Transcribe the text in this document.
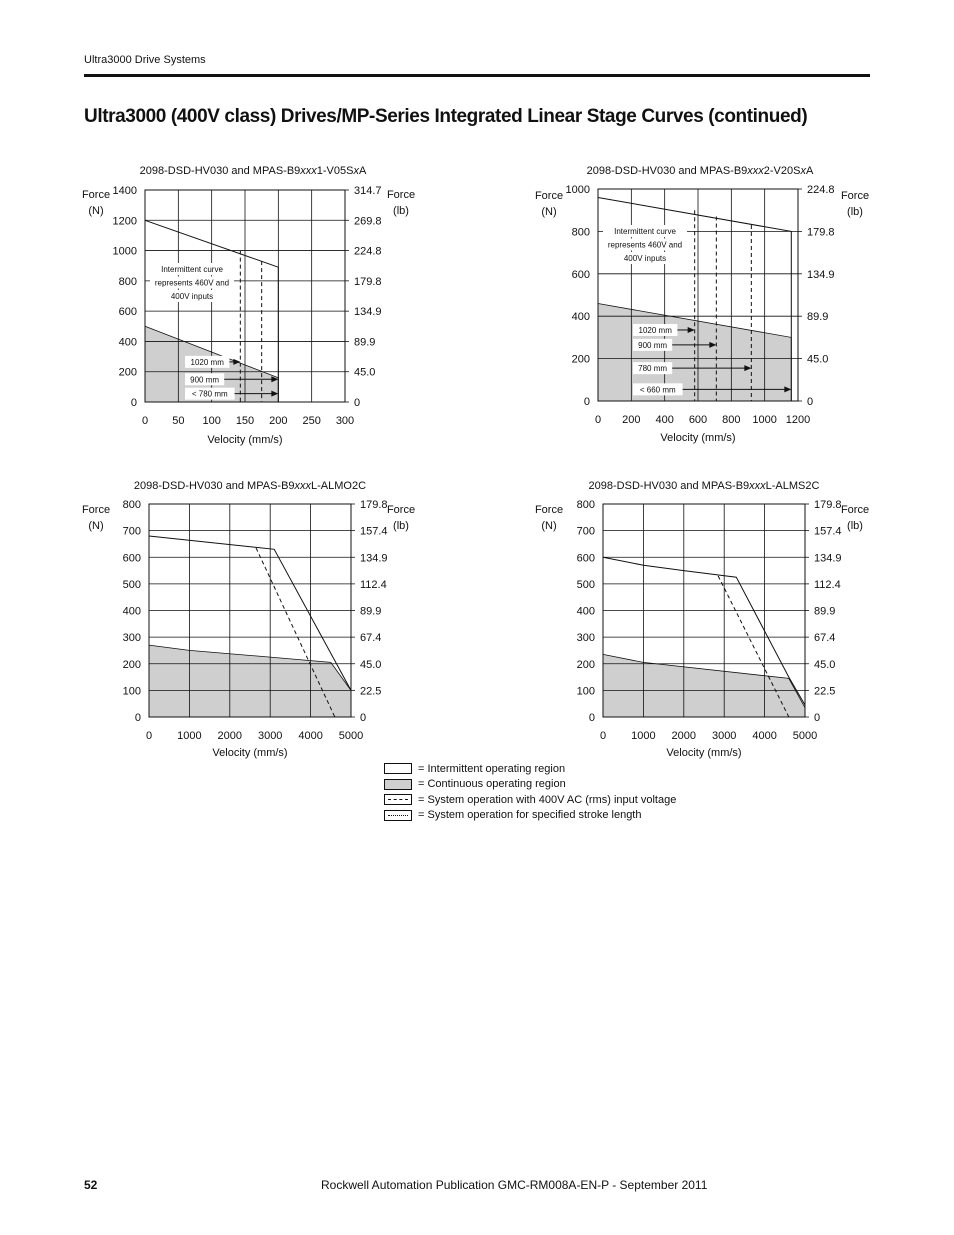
Ultra3000 Drive Systems
Ultra3000 (400V class) Drives/MP-Series Integrated Linear Stage Curves (continued)
0 50 100 150 200 250 300
0	0
200	45.0
400	89.9
600	134.9
800	179.8
1000	224.8
1200	269.8
1400	314.7
1020 mm
900 mm
< 780 mm
Intermittent curve
represents 460V and
400V inputs
2098-DSD-HV030 and MPAS-B9xxx1-V05SxA
Force
(N)
Force
(lb)
Velocity (mm/s)
0 200 400 600 800 1000 1200
0	0
200	45.0
400	89.9
600	134.9
800	179.8
1000	224.8
1020 mm
900 mm
780 mm
< 660 mm
Intermittent curve
represents 460V and
400V inputs
2098-DSD-HV030 and MPAS-B9xxx2-V20SxA
Force
(N)
Force
(lb)
Velocity (mm/s)
0 1000 2000 3000 4000 5000
0	0
100	22.5
200	45.0
300	67.4
400	89.9
500	112.4
600	134.9
700	157.4
800	179.8
2098-DSD-HV030 and MPAS-B9xxxL-ALMO2C
Force
(N)
Force
(lb)
Velocity (mm/s)
0 1000 2000 3000 4000 5000
0	0
100	22.5
200	45.0
300	67.4
400	89.9
500	112.4
600	134.9
700	157.4
800	179.8
2098-DSD-HV030 and MPAS-B9xxxL-ALMS2C
Force
(N)
Force
(lb)
Velocity (mm/s)
= Intermittent operating region
= Continuous operating region
= System operation with 400V AC (rms) input voltage
= System operation for specified stroke length
52	Rockwell Automation Publication GMC-RM008A-EN-P - September 2011
